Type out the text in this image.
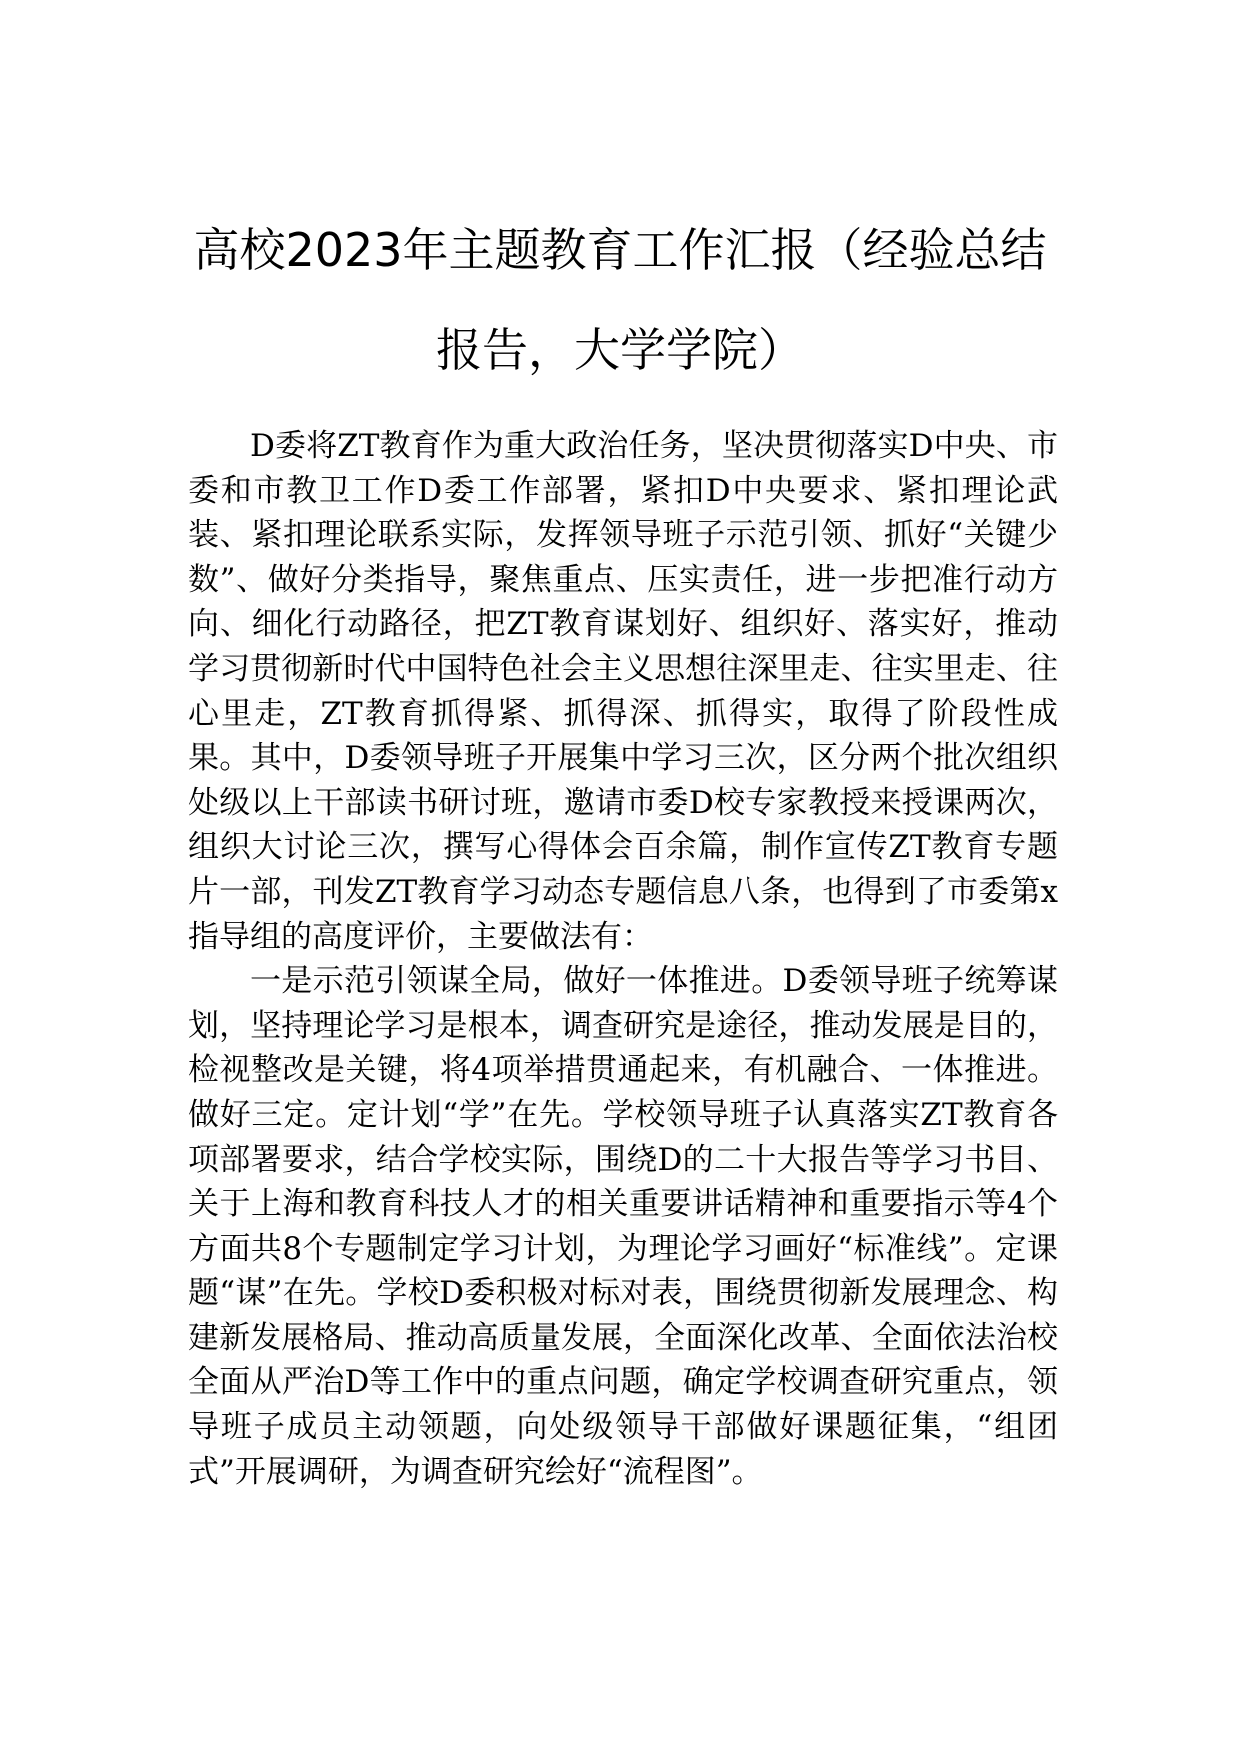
高校2023年主题教育工作汇报（经验总结
报告，大学学院）

D委将ZT教育作为重大政治任务，坚决贯彻落实D中央、市委和市教卫工作D委工作部署，紧扣D中央要求、紧扣理论武装、紧扣理论联系实际，发挥领导班子示范引领、抓好“关键少数”、做好分类指导，聚焦重点、压实责任，进一步把准行动方向、细化行动路径，把ZT教育谋划好、组织好、落实好，推动学习贯彻新时代中国特色社会主义思想往深里走、往实里走、往心里走，ZT教育抓得紧、抓得深、抓得实，取得了阶段性成果。其中，D委领导班子开展集中学习三次，区分两个批次组织处级以上干部读书研讨班，邀请市委D校专家教授来授课两次，组织大讨论三次，撰写心得体会百余篇，制作宣传ZT教育专题片一部，刊发ZT教育学习动态专题信息八条，也得到了市委第x指导组的高度评价，主要做法有：

一是示范引领谋全局，做好一体推进。D委领导班子统筹谋划，坚持理论学习是根本，调查研究是途径，推动发展是目的，检视整改是关键，将4项举措贯通起来，有机融合、一体推进。做好三定。定计划“学”在先。学校领导班子认真落实ZT教育各项部署要求，结合学校实际，围绕D的二十大报告等学习书目、关于上海和教育科技人才的相关重要讲话精神和重要指示等4个方面共8个专题制定学习计划，为理论学习画好“标准线”。定课题“谋”在先。学校D委积极对标对表，围绕贯彻新发展理念、构建新发展格局、推动高质量发展，全面深化改革、全面依法治校全面从严治D等工作中的重点问题，确定学校调查研究重点，领导班子成员主动领题，向处级领导干部做好课题征集，“组团式”开展调研，为调查研究绘好“流程图”。
